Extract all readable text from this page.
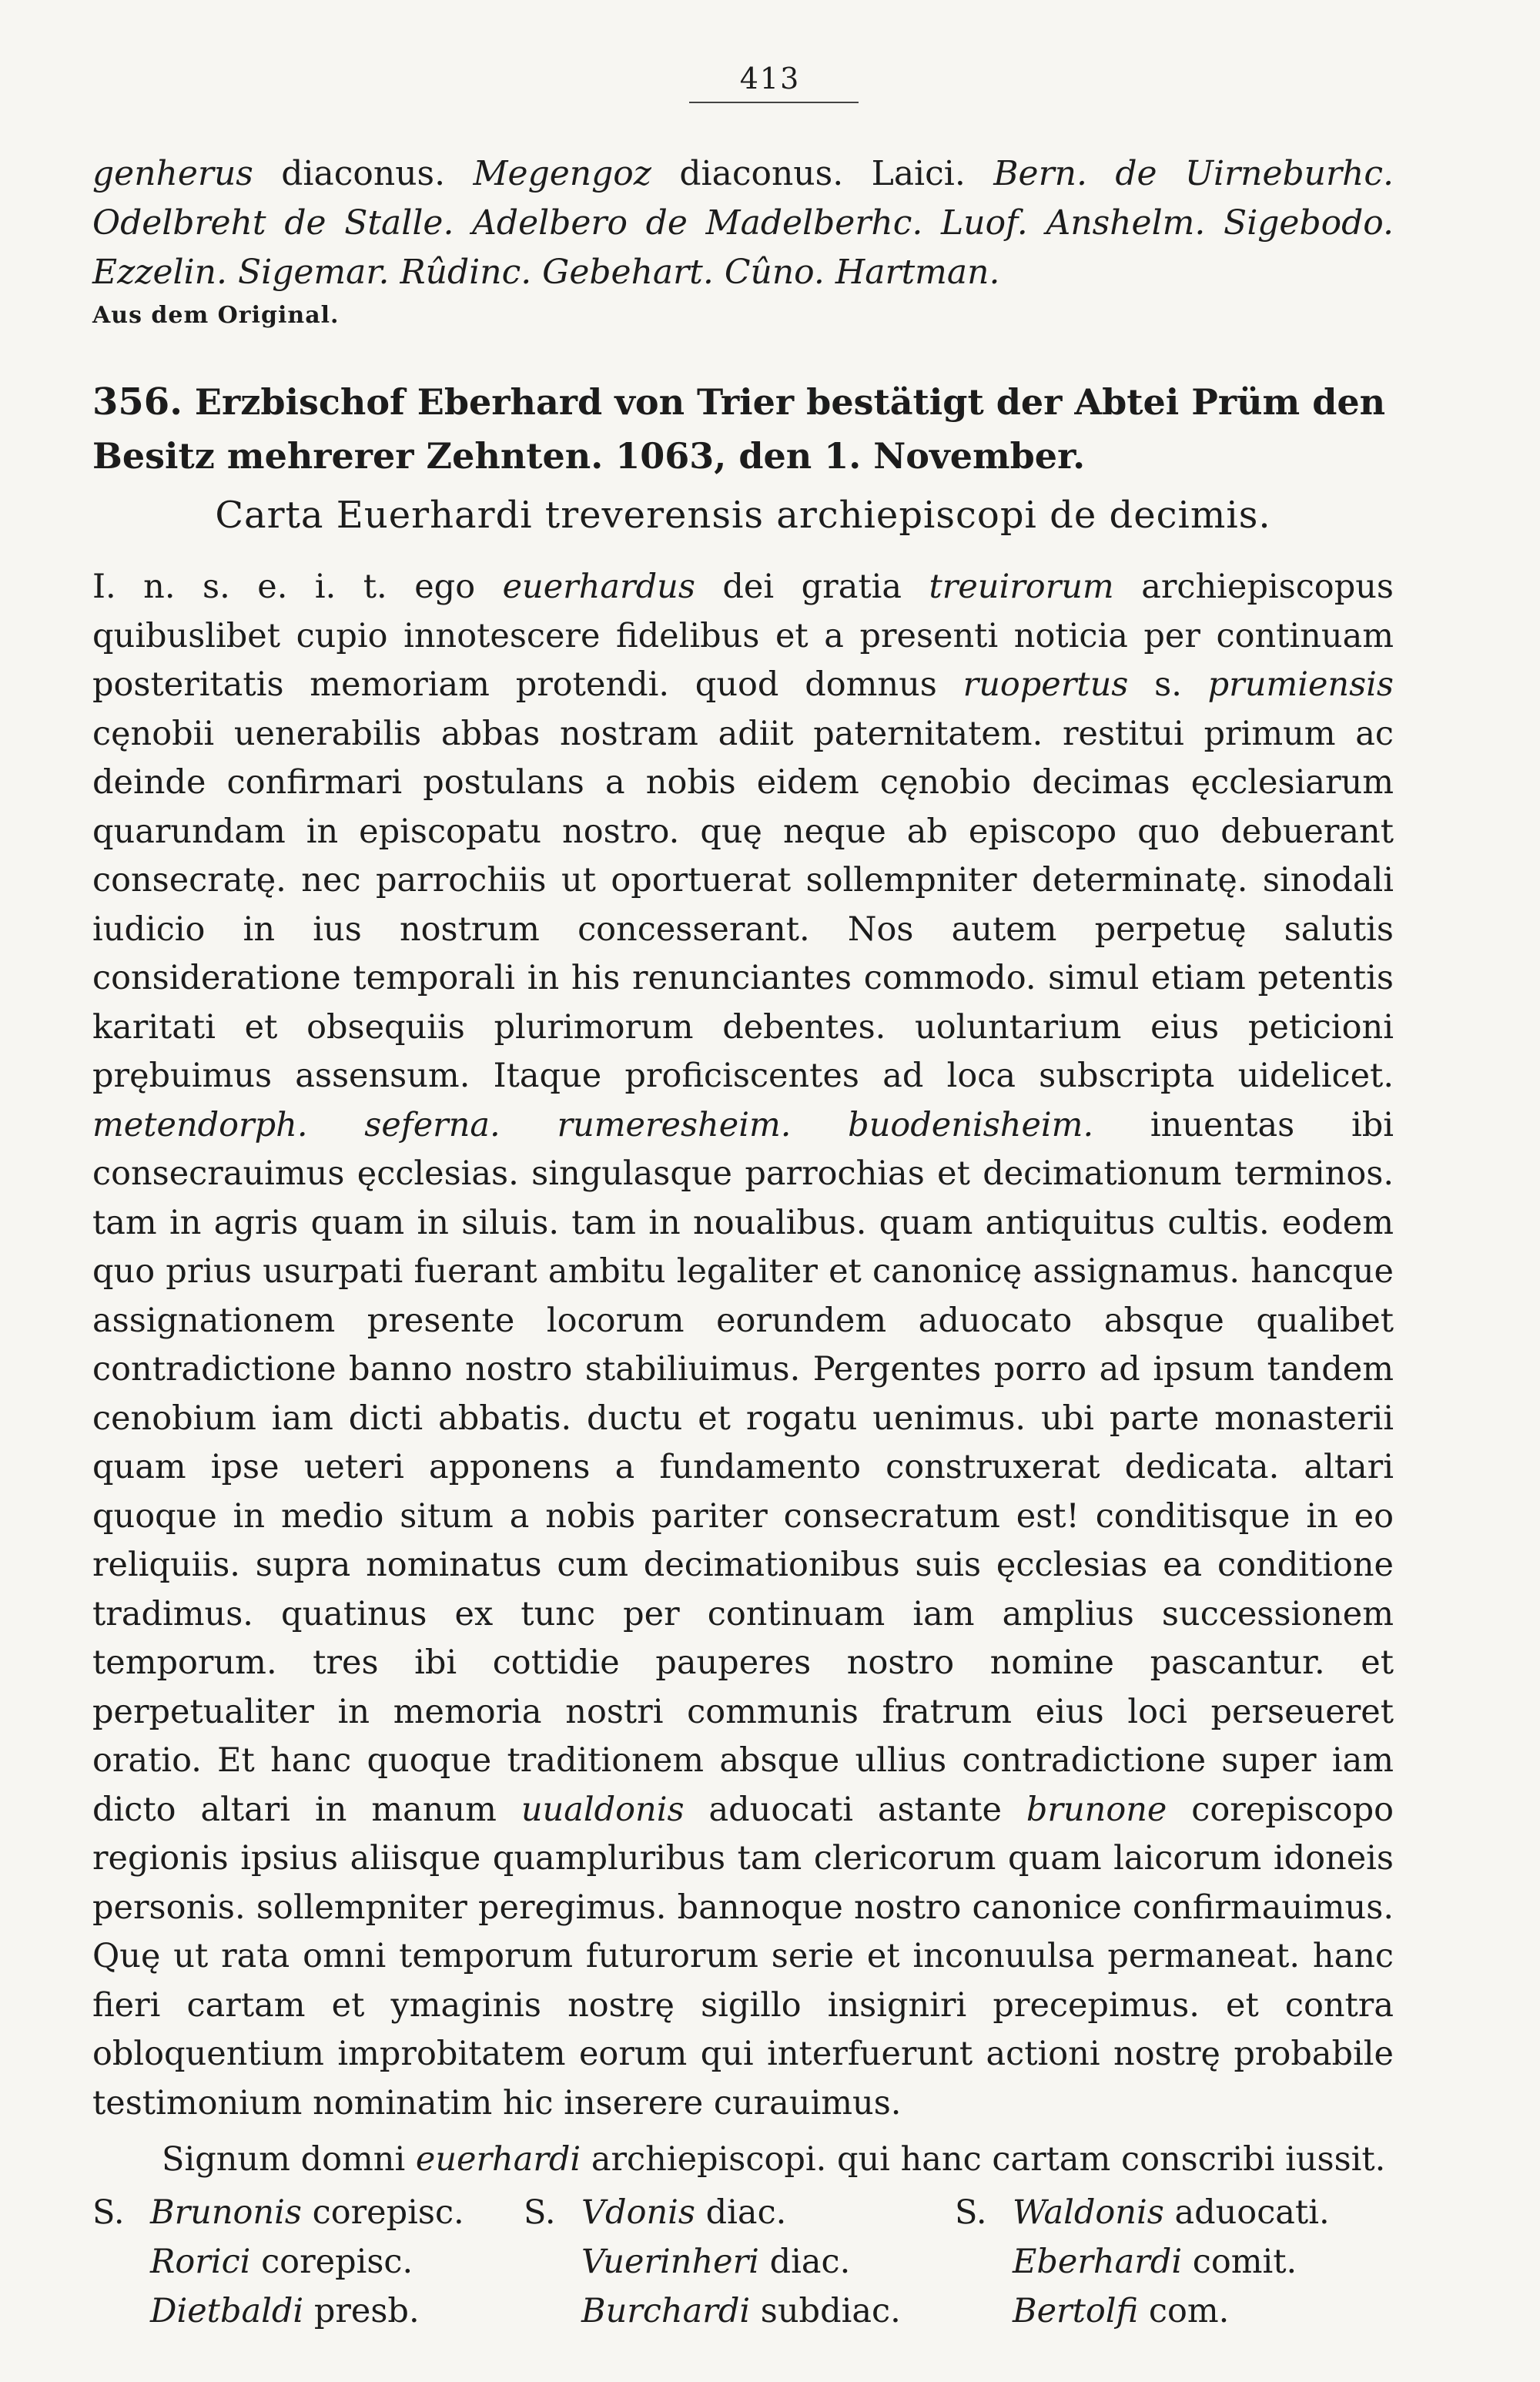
413

genherus diaconus. Megengoz diaconus. Laici. Bern. de Uirneburhc. Odelbreht de Stalle. Adelbero de Madelberhc. Luof. Anshelm. Sigebodo. Ezzelin. Sigemar. Rûdinc. Gebehart. Cûno. Hartman.

Aus dem Original.
356. Erzbischof Eberhard von Trier bestätigt der Abtei Prüm den Besitz mehrerer Zehnten. 1063, den 1. November.
Carta Euerhardi treverensis archiepiscopi de decimis.

I. n. s. e. i. t. ego euerhardus dei gratia treuirorum archiepiscopus quibuslibet cupio innotescere fidelibus et a presenti noticia per continuam posteritatis memoriam protendi. quod domnus ruopertus s. prumiensis cęnobii uenerabilis abbas nostram adiit paternitatem. restitui primum ac deinde confirmari postulans a nobis eidem cęnobio decimas ęcclesiarum quarundam in episcopatu nostro. quę neque ab episcopo quo debuerant consecratę. nec parrochiis ut oportuerat sollempniter determinatę. sinodali iudicio in ius nostrum concesserant. Nos autem perpetuę salutis consideratione temporali in his renunciantes commodo. simul etiam petentis karitati et obsequiis plurimorum debentes. uoluntarium eius peticioni prębuimus assensum. Itaque proficiscentes ad loca subscripta uidelicet. metendorph. seferna. rumeresheim. buodenisheim. inuentas ibi consecrauimus ęcclesias. singulasque parrochias et decimationum terminos. tam in agris quam in siluis. tam in noualibus. quam antiquitus cultis. eodem quo prius usurpati fuerant ambitu legaliter et canonicę assignamus. hancque assignationem presente locorum eorundem aduocato absque qualibet contradictione banno nostro stabiliuimus. Pergentes porro ad ipsum tandem cenobium iam dicti abbatis. ductu et rogatu uenimus. ubi parte monasterii quam ipse ueteri apponens a fundamento construxerat dedicata. altari quoque in medio situm a nobis pariter consecratum est! conditisque in eo reliquiis. supra nominatus cum decimationibus suis ęcclesias ea conditione tradimus. quatinus ex tunc per continuam iam amplius successionem temporum. tres ibi cottidie pauperes nostro nomine pascantur. et perpetualiter in memoria nostri communis fratrum eius loci perseueret oratio. Et hanc quoque traditionem absque ullius contradictione super iam dicto altari in manum uualdonis aduocati astante brunone corepiscopo regionis ipsius aliisque quampluribus tam clericorum quam laicorum idoneis personis. sollempniter peregimus. bannoque nostro canonice confirmauimus. Quę ut rata omni temporum futurorum serie et inconuulsa permaneat. hanc fieri cartam et ymaginis nostrę sigillo insigniri precepimus. et contra obloquentium improbitatem eorum qui interfuerunt actioni nostrę probabile testimonium nominatim hic inserere curauimus.

Signum domni euerhardi archiepiscopi. qui hanc cartam conscribi iussit.

S. Brunonis corepisc.	S. Vdonis diac.	S. Waldonis aduocati.
Rorici corepisc.	Vuerinheri diac.	Eberhardi comit.
Dietbaldi presb.	Burchardi subdiac.	Bertolfi com.
